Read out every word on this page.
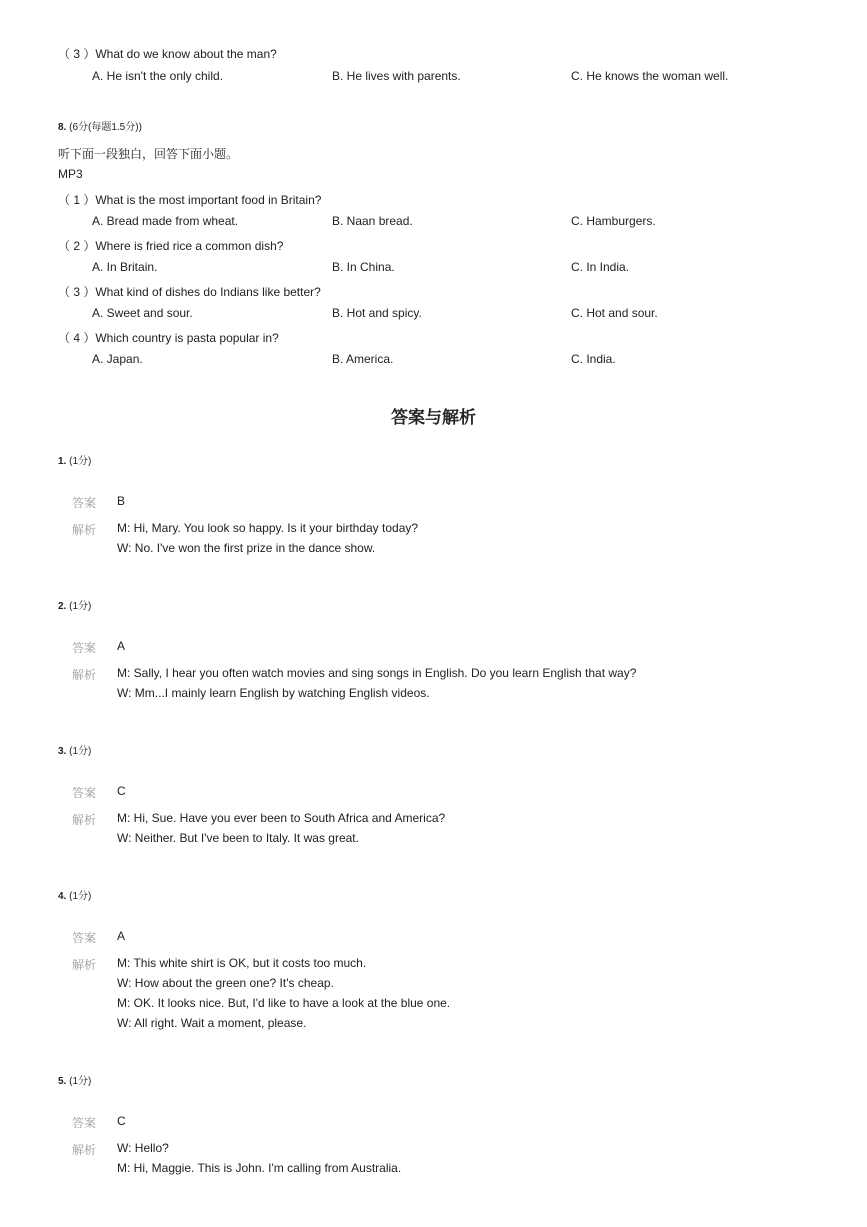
（ 3 ）What do we know about the man?
A. He isn't the only child.	B. He lives with parents.	C. He knows the woman well.
8. (6分(每题1.5分))
听下面一段独白，回答下面小题。
MP3
（ 1 ）What is the most important food in Britain?
A. Bread made from wheat.	B. Naan bread.	C. Hamburgers.
（ 2 ）Where is fried rice a common dish?
A. In Britain.	B. In China.	C. In India.
（ 3 ）What kind of dishes do Indians like better?
A. Sweet and sour.	B. Hot and spicy.	C. Hot and sour.
（ 4 ）Which country is pasta popular in?
A. Japan.	B. America.	C. India.
答案与解析
1. (1分)
答案 B
解析 M: Hi, Mary. You look so happy. Is it your birthday today?
W: No. I've won the first prize in the dance show.
2. (1分)
答案 A
解析 M: Sally, I hear you often watch movies and sing songs in English. Do you learn English that way?
W: Mm...I mainly learn English by watching English videos.
3. (1分)
答案 C
解析 M: Hi, Sue. Have you ever been to South Africa and America?
W: Neither. But I've been to Italy. It was great.
4. (1分)
答案 A
解析 M: This white shirt is OK, but it costs too much.
W: How about the green one? It's cheap.
M: OK. It looks nice. But, I'd like to have a look at the blue one.
W: All right. Wait a moment, please.
5. (1分)
答案 C
解析 W: Hello?
M: Hi, Maggie. This is John. I'm calling from Australia.
